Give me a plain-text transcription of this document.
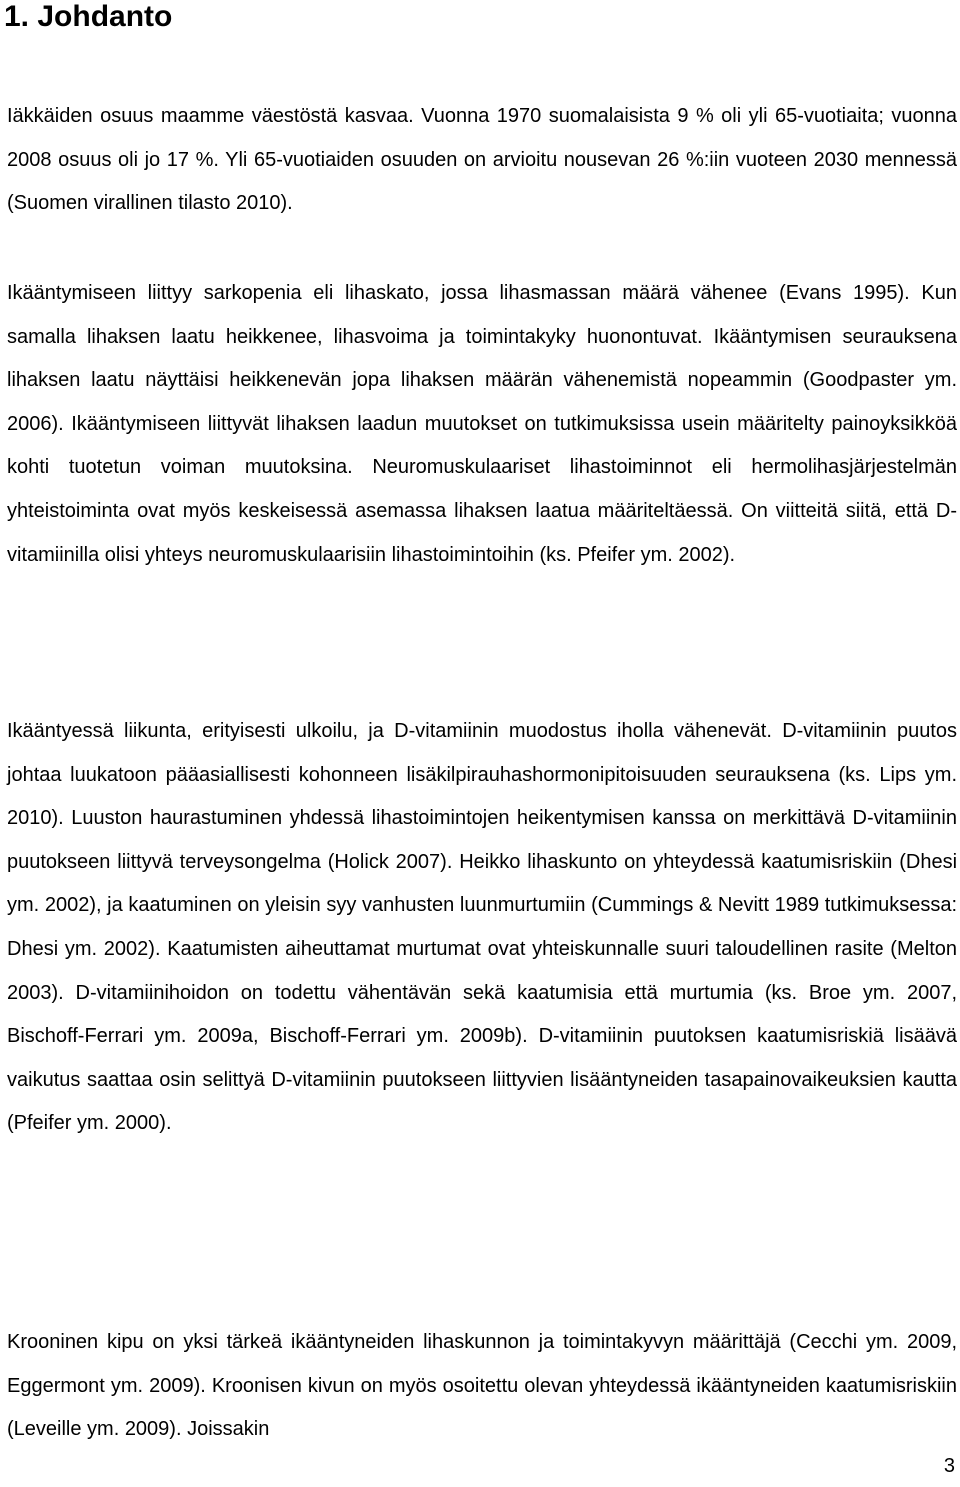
1. Johdanto

Iäkkäiden osuus maamme väestöstä kasvaa. Vuonna 1970 suomalaisista 9 % oli yli 65-vuotiaita; vuonna 2008 osuus oli jo 17 %. Yli 65-vuotiaiden osuuden on arvioitu nousevan 26 %:iin vuoteen 2030 mennessä (Suomen virallinen tilasto 2010).

Ikääntymiseen liittyy sarkopenia eli lihaskato, jossa lihasmassan määrä vähenee (Evans 1995). Kun samalla lihaksen laatu heikkenee, lihasvoima ja toimintakyky huonontuvat. Ikääntymisen seurauksena lihaksen laatu näyttäisi heikkenevän jopa lihaksen määrän vähenemistä nopeammin (Goodpaster ym. 2006). Ikääntymiseen liittyvät lihaksen laadun muutokset on tutkimuksissa usein määritelty painoyksikköä kohti tuotetun voiman muutoksina. Neuromuskulaariset lihastoiminnot eli hermolihasjärjestelmän yhteistoiminta ovat myös keskeisessä asemassa lihaksen laatua määriteltäessä. On viitteitä siitä, että D-vitamiinilla olisi yhteys neuromuskulaarisiin lihastoimintoihin (ks. Pfeifer ym. 2002).

Ikääntyessä liikunta, erityisesti ulkoilu, ja D-vitamiinin muodostus iholla vähenevät. D-vitamiinin puutos johtaa luukatoon pääasiallisesti kohonneen lisäkilpirauhashormonipitoisuuden seurauksena (ks. Lips ym. 2010). Luuston haurastuminen yhdessä lihastoimintojen heikentymisen kanssa on merkittävä D-vitamiinin puutokseen liittyvä terveysongelma (Holick 2007). Heikko lihaskunto on yhteydessä kaatumisriskiin (Dhesi ym. 2002), ja kaatuminen on yleisin syy vanhusten luunmurtumiin (Cummings & Nevitt 1989 tutkimuksessa: Dhesi ym. 2002). Kaatumisten aiheuttamat murtumat ovat yhteiskunnalle suuri taloudellinen rasite (Melton 2003). D-vitamiinihoidon on todettu vähentävän sekä kaatumisia että murtumia (ks. Broe ym. 2007, Bischoff-Ferrari ym. 2009a, Bischoff-Ferrari ym. 2009b). D-vitamiinin puutoksen kaatumisriskiä lisäävä vaikutus saattaa osin selittyä D-vitamiinin puutokseen liittyvien lisääntyneiden tasapainovaikeuksien kautta (Pfeifer ym. 2000).

Krooninen kipu on yksi tärkeä ikääntyneiden lihaskunnon ja toimintakyvyn määrittäjä (Cecchi ym. 2009, Eggermont ym. 2009). Kroonisen kivun on myös osoitettu olevan yhteydessä ikääntyneiden kaatumisriskiin (Leveille ym. 2009). Joissakin

3
